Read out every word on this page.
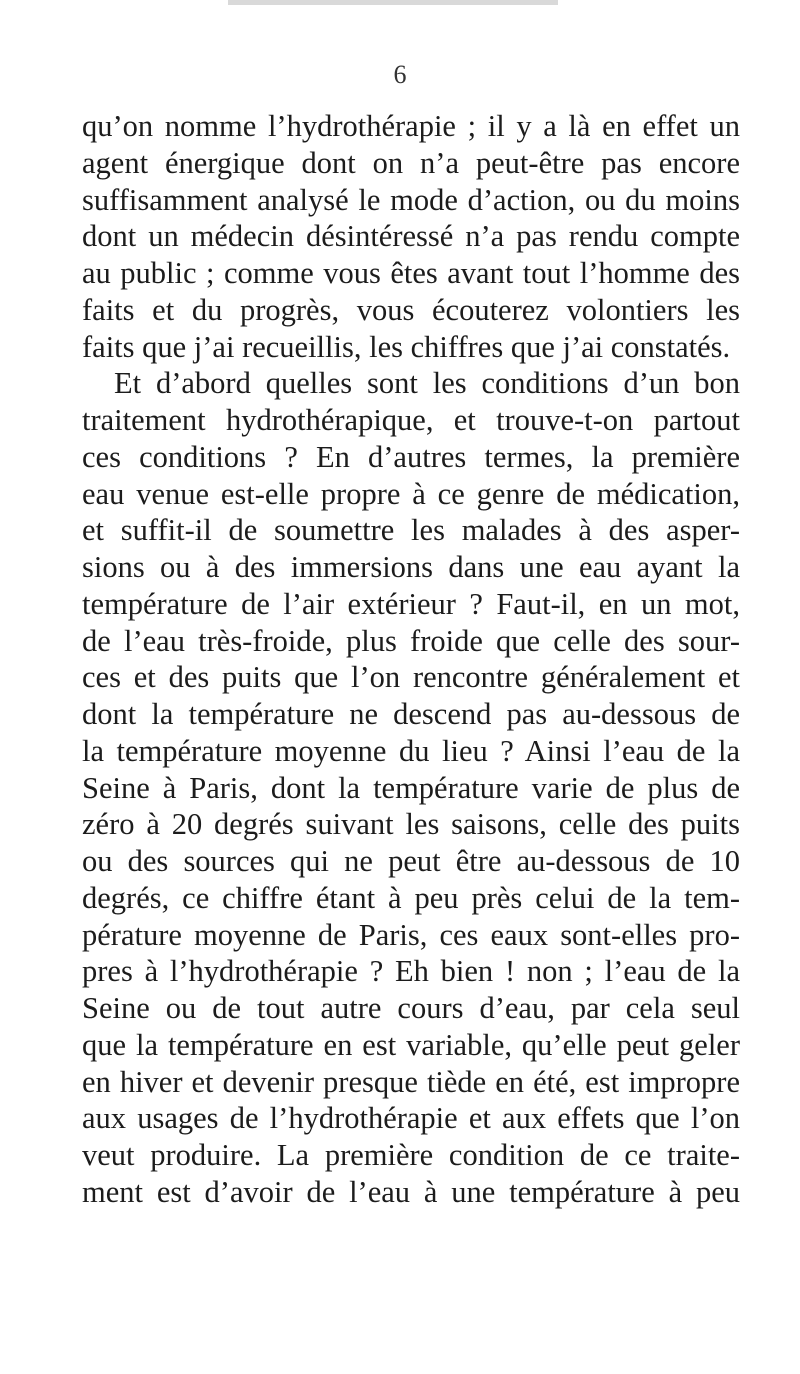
6
qu’on nomme l’hydrothérapie ; il y a là en effet un
agent énergique dont on n’a peut-être pas encore
suffisamment analysé le mode d’action, ou du moins
dont un médecin désintéressé n’a pas rendu compte
au public ; comme vous êtes avant tout l’homme des
faits et du progrès, vous écouterez volontiers les
faits que j’ai recueillis, les chiffres que j’ai constatés.
Et d’abord quelles sont les conditions d’un bon
traitement hydrothérapique, et trouve-t-on partout
ces conditions ? En d’autres termes, la première
eau venue est-elle propre à ce genre de médication,
et suffit-il de soumettre les malades à des asper-
sions ou à des immersions dans une eau ayant la
température de l’air extérieur ? Faut-il, en un mot,
de l’eau très-froide, plus froide que celle des sour-
ces et des puits que l’on rencontre généralement et
dont la température ne descend pas au-dessous de
la température moyenne du lieu ? Ainsi l’eau de la
Seine à Paris, dont la température varie de plus de
zéro à 20 degrés suivant les saisons, celle des puits
ou des sources qui ne peut être au-dessous de 10
degrés, ce chiffre étant à peu près celui de la tem-
pérature moyenne de Paris, ces eaux sont-elles pro-
pres à l’hydrothérapie ? Eh bien ! non ; l’eau de la
Seine ou de tout autre cours d’eau, par cela seul
que la température en est variable, qu’elle peut geler
en hiver et devenir presque tiède en été, est impropre
aux usages de l’hydrothérapie et aux effets que l’on
veut produire. La première condition de ce traite-
ment est d’avoir de l’eau à une température à peu
